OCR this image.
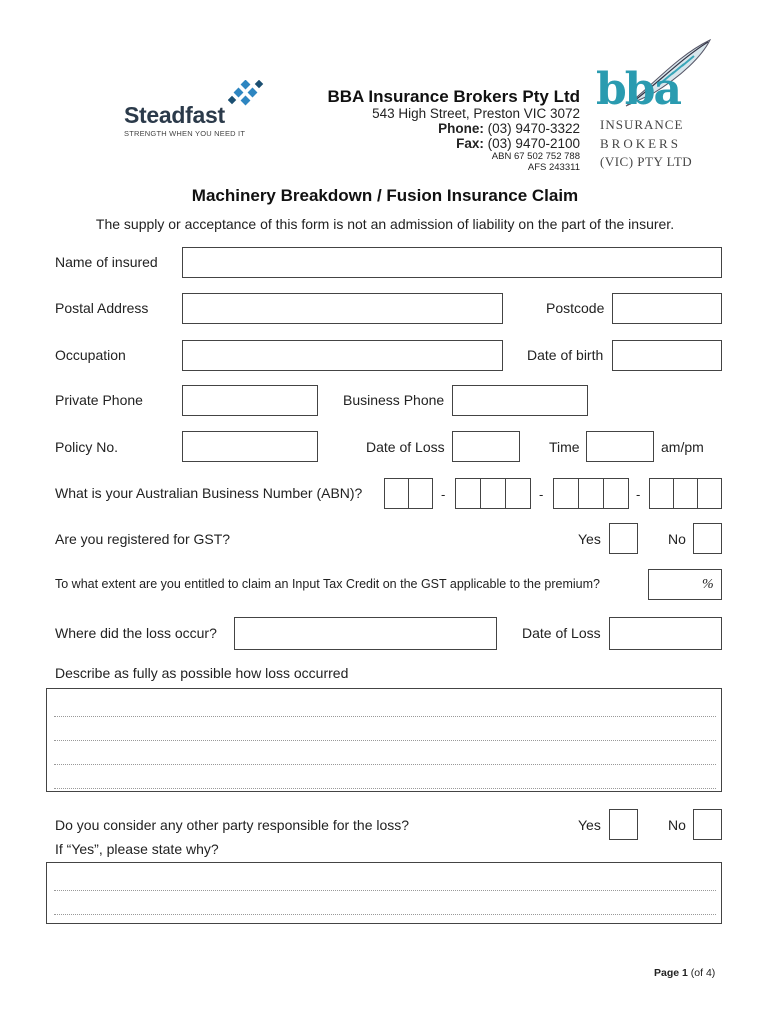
Steadfast
STRENGTH WHEN YOU NEED IT
BBA Insurance Brokers Pty Ltd
543 High Street, Preston VIC 3072
Phone: (03) 9470-3322
Fax: (03) 9470-2100
ABN 67 502 752 788
AFS 243311
bba
INSURANCE
BROKERS
(VIC) PTY LTD
Machinery Breakdown / Fusion Insurance Claim
The supply or acceptance of this form is not an admission of liability on the part of the insurer.
Name of insured
Postal Address	Postcode
Occupation	Date of birth
Private Phone	Business Phone
Policy No.	Date of Loss	Time	am/pm
What is your Australian Business Number (ABN)?	-	-	-
Are you registered for GST?	Yes	No
To what extent are you entitled to claim an Input Tax Credit on the GST applicable to the premium?	%
Where did the loss occur?	Date of Loss
Describe as fully as possible how loss occurred
Do you consider any other party responsible for the loss?	Yes	No
If “Yes”, please state why?
Page 1 (of 4)
